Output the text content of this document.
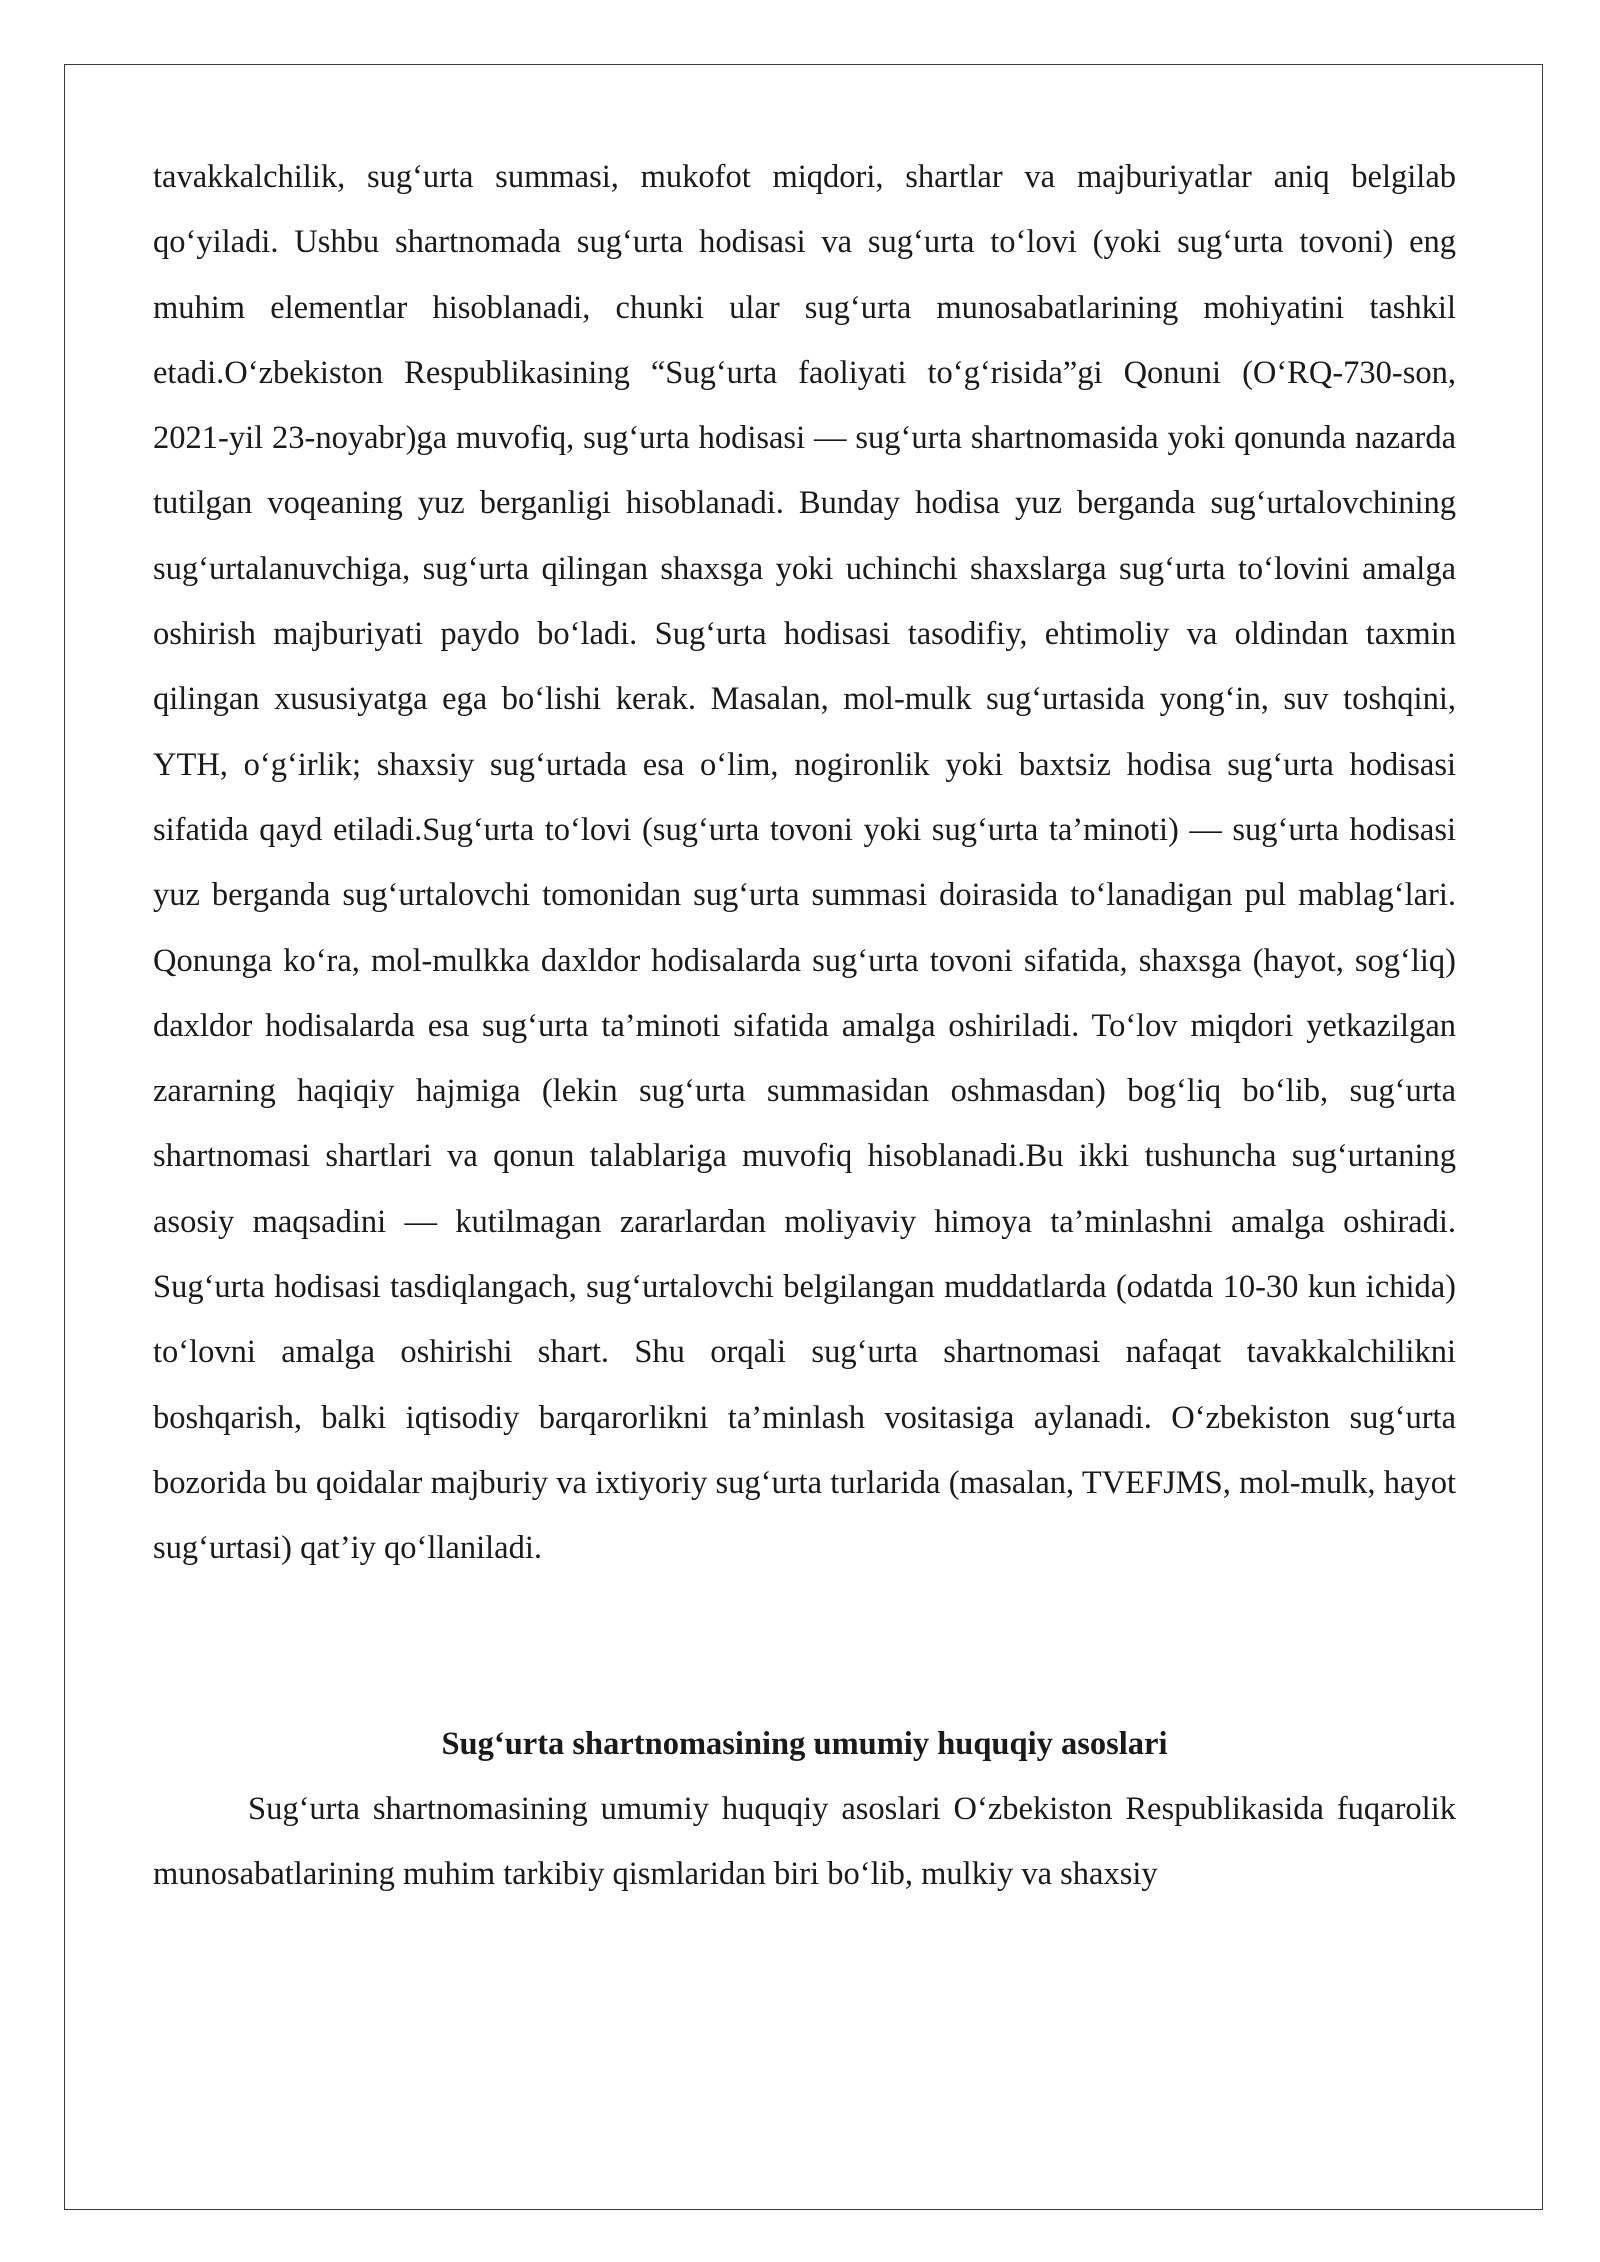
tavakkalchilik, sug‘urta summasi, mukofot miqdori, shartlar va majburiyatlar aniq belgilab qo‘yiladi. Ushbu shartnomada sug‘urta hodisasi va sug‘urta to‘lovi (yoki sug‘urta tovoni) eng muhim elementlar hisoblanadi, chunki ular sug‘urta munosabatlarining mohiyatini tashkil etadi.O‘zbekiston Respublikasining “Sug‘urta faoliyati to‘g‘risida”gi Qonuni (O‘RQ-730-son, 2021-yil 23-noyabr)ga muvofiq, sug‘urta hodisasi — sug‘urta shartnomasida yoki qonunda nazarda tutilgan voqeaning yuz berganligi hisoblanadi. Bunday hodisa yuz berganda sug‘urtalovchining sug‘urtalanuvchiga, sug‘urta qilingan shaxsga yoki uchinchi shaxslarga sug‘urta to‘lovini amalga oshirish majburiyati paydo bo‘ladi. Sug‘urta hodisasi tasodifiy, ehtimoliy va oldindan taxmin qilingan xususiyatga ega bo‘lishi kerak. Masalan, mol-mulk sug‘urtasida yong‘in, suv toshqini, YTH, o‘g‘irlik; shaxsiy sug‘urtada esa o‘lim, nogironlik yoki baxtsiz hodisa sug‘urta hodisasi sifatida qayd etiladi.Sug‘urta to‘lovi (sug‘urta tovoni yoki sug‘urta ta’minoti) — sug‘urta hodisasi yuz berganda sug‘urtalovchi tomonidan sug‘urta summasi doirasida to‘lanadigan pul mablag‘lari. Qonunga ko‘ra, mol-mulkka daxldor hodisalarda sug‘urta tovoni sifatida, shaxsga (hayot, sog‘liq) daxldor hodisalarda esa sug‘urta ta’minoti sifatida amalga oshiriladi. To‘lov miqdori yetkazilgan zararning haqiqiy hajmiga (lekin sug‘urta summasidan oshmasdan) bog‘liq bo‘lib, sug‘urta shartnomasi shartlari va qonun talablariga muvofiq hisoblanadi.Bu ikki tushuncha sug‘urtaning asosiy maqsadini — kutilmagan zararlardan moliyaviy himoya ta’minlashni amalga oshiradi. Sug‘urta hodisasi tasdiqlangach, sug‘urtalovchi belgilangan muddatlarda (odatda 10-30 kun ichida) to‘lovni amalga oshirishi shart. Shu orqali sug‘urta shartnomasi nafaqat tavakkalchilikni boshqarish, balki iqtisodiy barqarorlikni ta’minlash vositasiga aylanadi. O‘zbekiston sug‘urta bozorida bu qoidalar majburiy va ixtiyoriy sug‘urta turlarida (masalan, TVEFJMS, mol-mulk, hayot sug‘urtasi) qat’iy qo‘llaniladi.

Sug‘urta shartnomasining umumiy huquqiy asoslari

Sug‘urta shartnomasining umumiy huquqiy asoslari O‘zbekiston Respublikasida fuqarolik munosabatlarining muhim tarkibiy qismlaridan biri bo‘lib, mulkiy va shaxsiy
